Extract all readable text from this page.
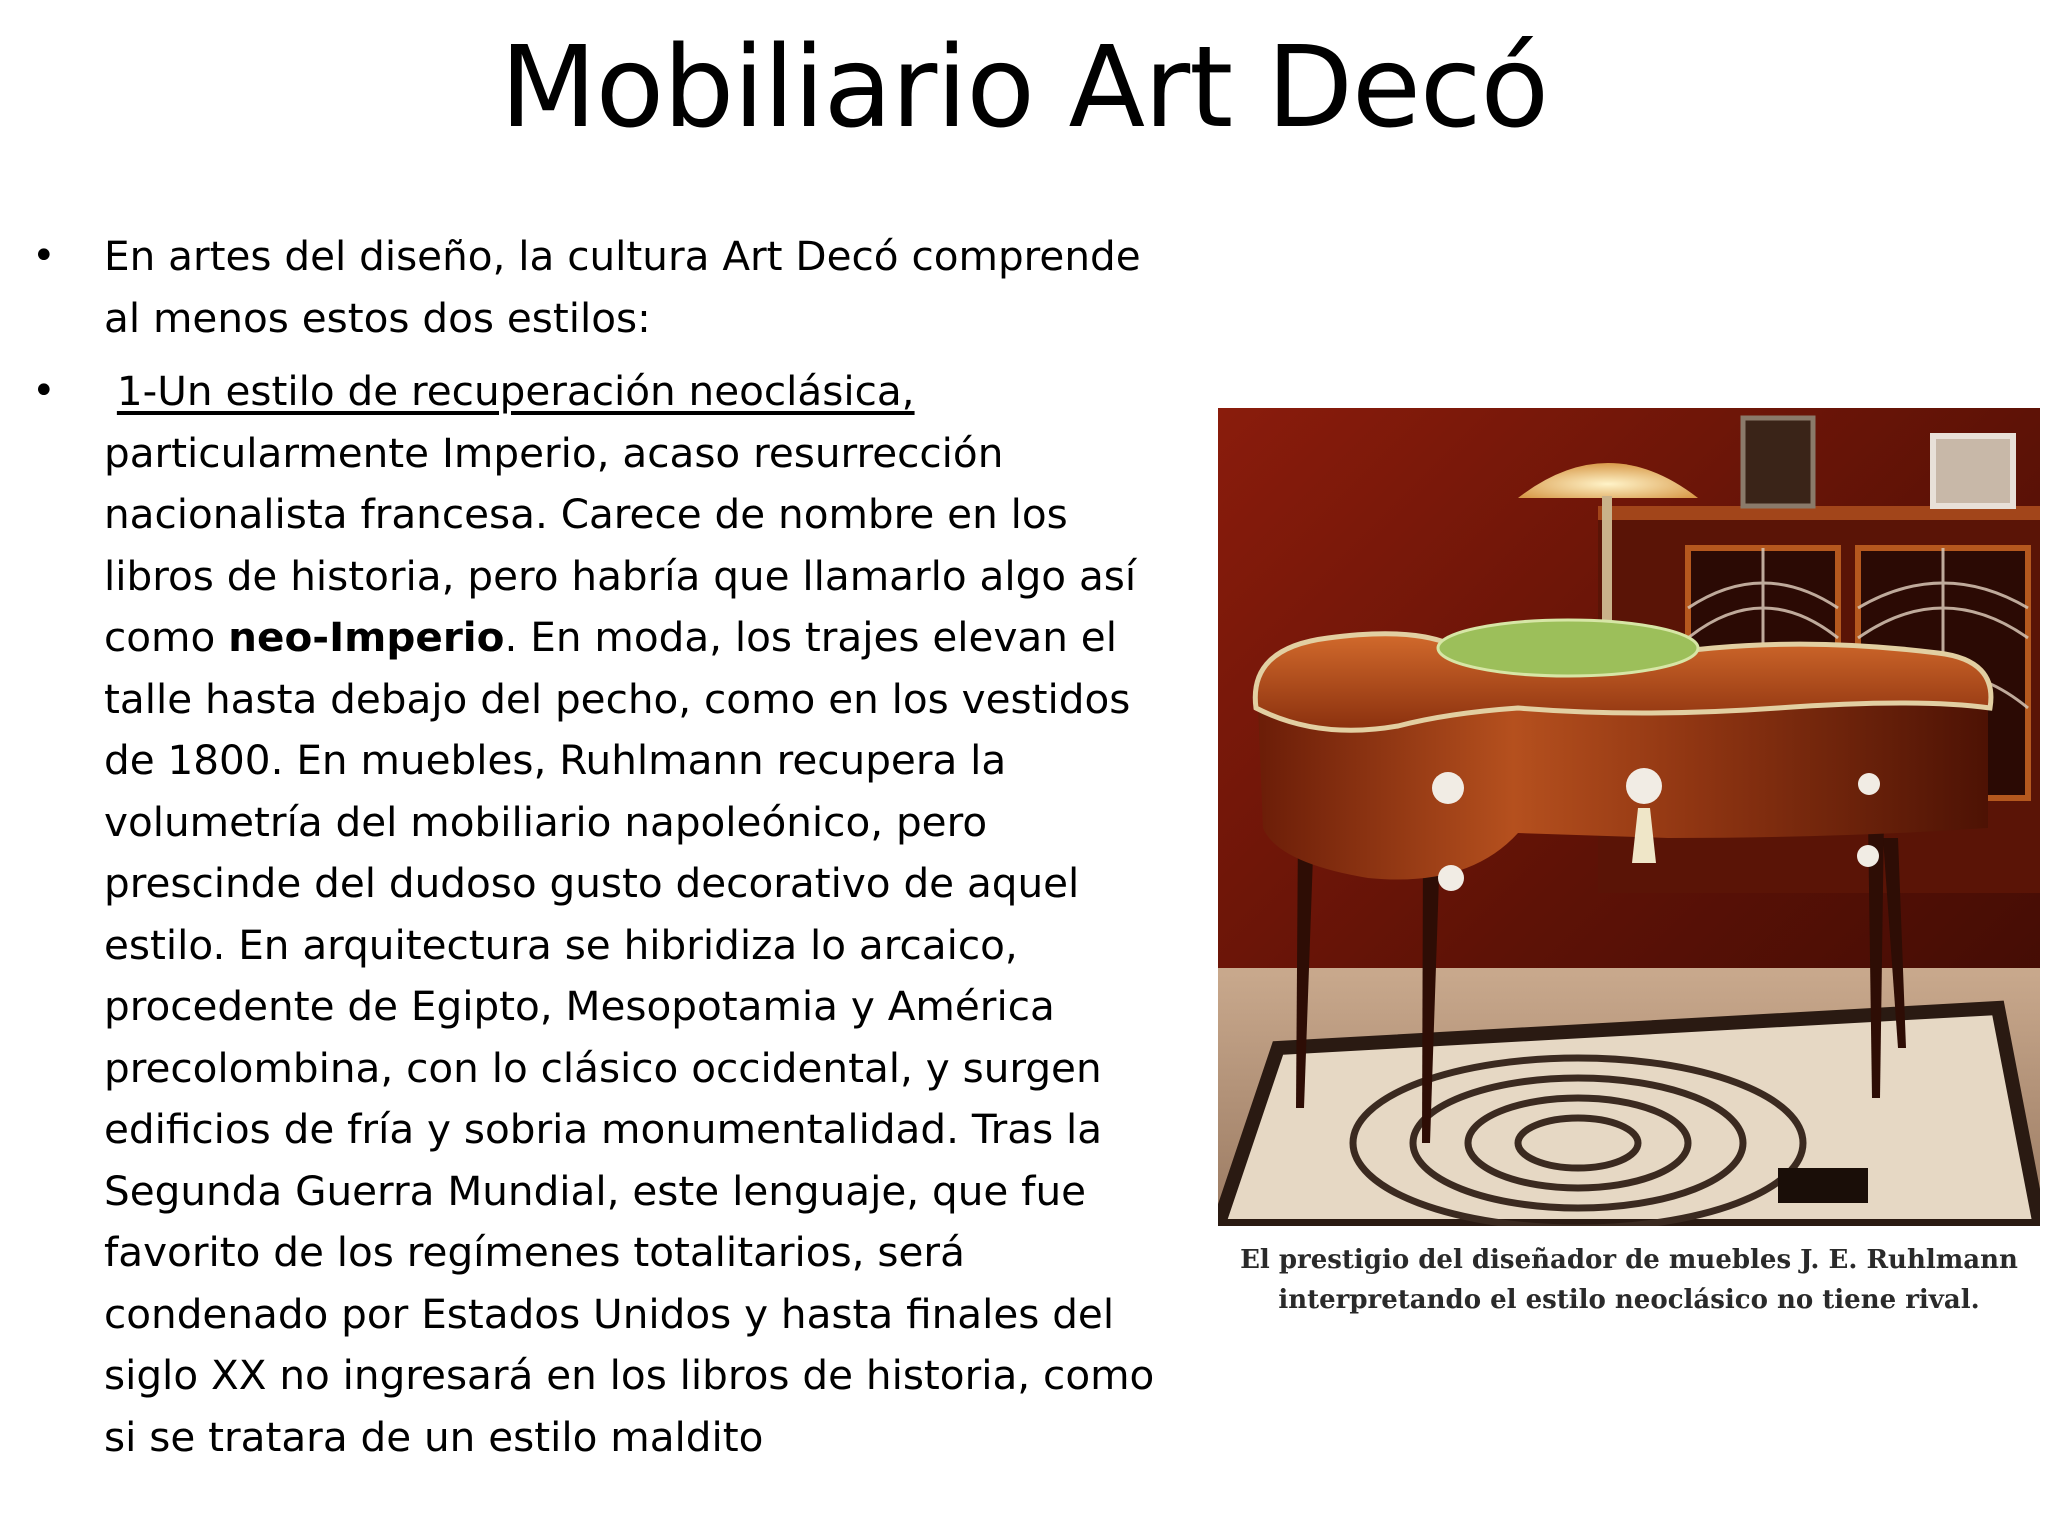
Mobiliario Art Decó
• En artes del diseño, la cultura Art Decó comprende al menos estos dos estilos:
• 1-Un estilo de recuperación neoclásica,
particularmente Imperio, acaso resurrección nacionalista francesa. Carece de nombre en los libros de historia, pero habría que llamarlo algo así como neo-Imperio. En moda, los trajes elevan el talle hasta debajo del pecho, como en los vestidos de 1800. En muebles, Ruhlmann recupera la volumetría del mobiliario napoleónico, pero prescinde del dudoso gusto decorativo de aquel estilo. En arquitectura se hibridiza lo arcaico, procedente de Egipto, Mesopotamia y América precolombina, con lo clásico occidental, y surgen edificios de fría y sobria monumentalidad. Tras la Segunda Guerra Mundial, este lenguaje, que fue favorito de los regímenes totalitarios, será condenado por Estados Unidos y hasta finales del siglo XX no ingresará en los libros de historia, como si se tratara de un estilo maldito
El prestigio del diseñador de muebles J. E. Ruhlmann
interpretando el estilo neoclásico no tiene rival.
